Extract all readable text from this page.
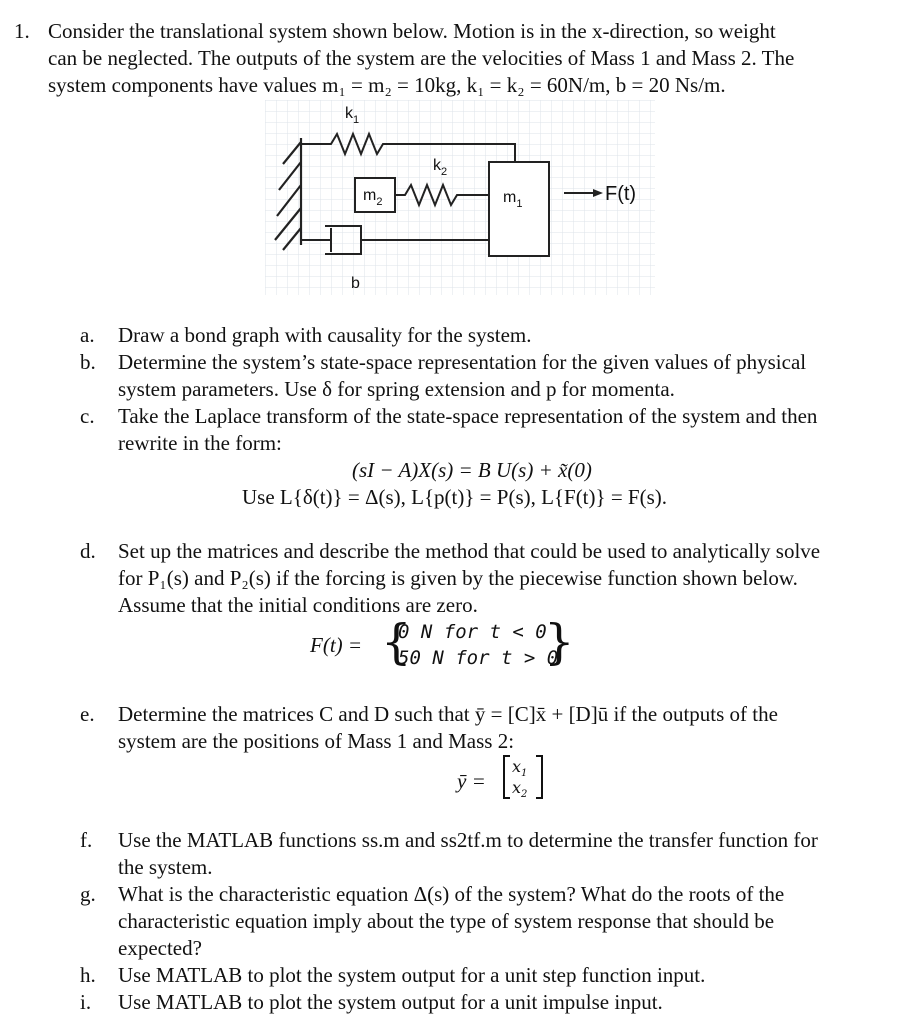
1. Consider the translational system shown below. Motion is in the x-direction, so weight
can be neglected. The outputs of the system are the velocities of Mass 1 and Mass 2. The
system components have values m₁ = m₂ = 10kg, k₁ = k₂ = 60N/m, b = 20 Ns/m.
$k_1$
$k_2$
$m_2$	$m_1$	F(t)
b
a.	Draw a bond graph with causality for the system.
b.	Determine the system’s state-space representation for the given values of physical
system parameters. Use δ for spring extension and p for momenta.
c.	Take the Laplace transform of the state-space representation of the system and then
rewrite in the form:
(sI − A)X(s) = B U(s) + x̃(0)
Use L{δ(t)} = Δ(s), L{p(t)} = P(s), L{F(t)} = F(s).
d.	Set up the matrices and describe the method that could be used to analytically solve
for P₁(s) and P₂(s) if the forcing is given by the piecewise function shown below.
Assume that the initial conditions are zero.
F(t) = {
0 N for t < 0
50 N for t > 0
}
e.	Determine the matrices C and D such that ȳ = [C]x̄ + [D]ū if the outputs of the
system are the positions of Mass 1 and Mass 2:
ȳ =
$x_1$
$x_2$
f.	Use the MATLAB functions ss.m and ss2tf.m to determine the transfer function for
the system.
g.	What is the characteristic equation Δ(s) of the system? What do the roots of the
characteristic equation imply about the type of system response that should be
expected?
h.	Use MATLAB to plot the system output for a unit step function input.
i.	Use MATLAB to plot the system output for a unit impulse input.
